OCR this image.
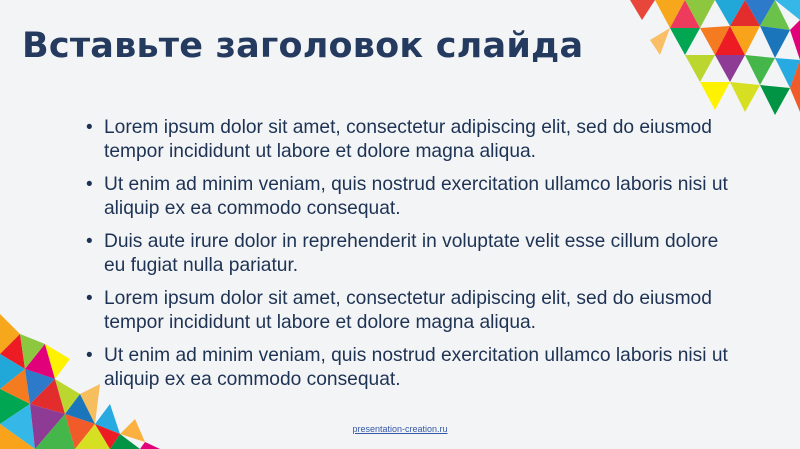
Вставьте заголовок слайда
• Lorem ipsum dolor sit amet, consectetur adipiscing elit, sed do eiusmod tempor incididunt ut labore et dolore magna aliqua.
• Ut enim ad minim veniam, quis nostrud exercitation ullamco laboris nisi ut aliquip ex ea commodo consequat.
• Duis aute irure dolor in reprehenderit in voluptate velit esse cillum dolore eu fugiat nulla pariatur.
• Lorem ipsum dolor sit amet, consectetur adipiscing elit, sed do eiusmod tempor incididunt ut labore et dolore magna aliqua.
• Ut enim ad minim veniam, quis nostrud exercitation ullamco laboris nisi ut aliquip ex ea commodo consequat.
presentation-creation.ru
